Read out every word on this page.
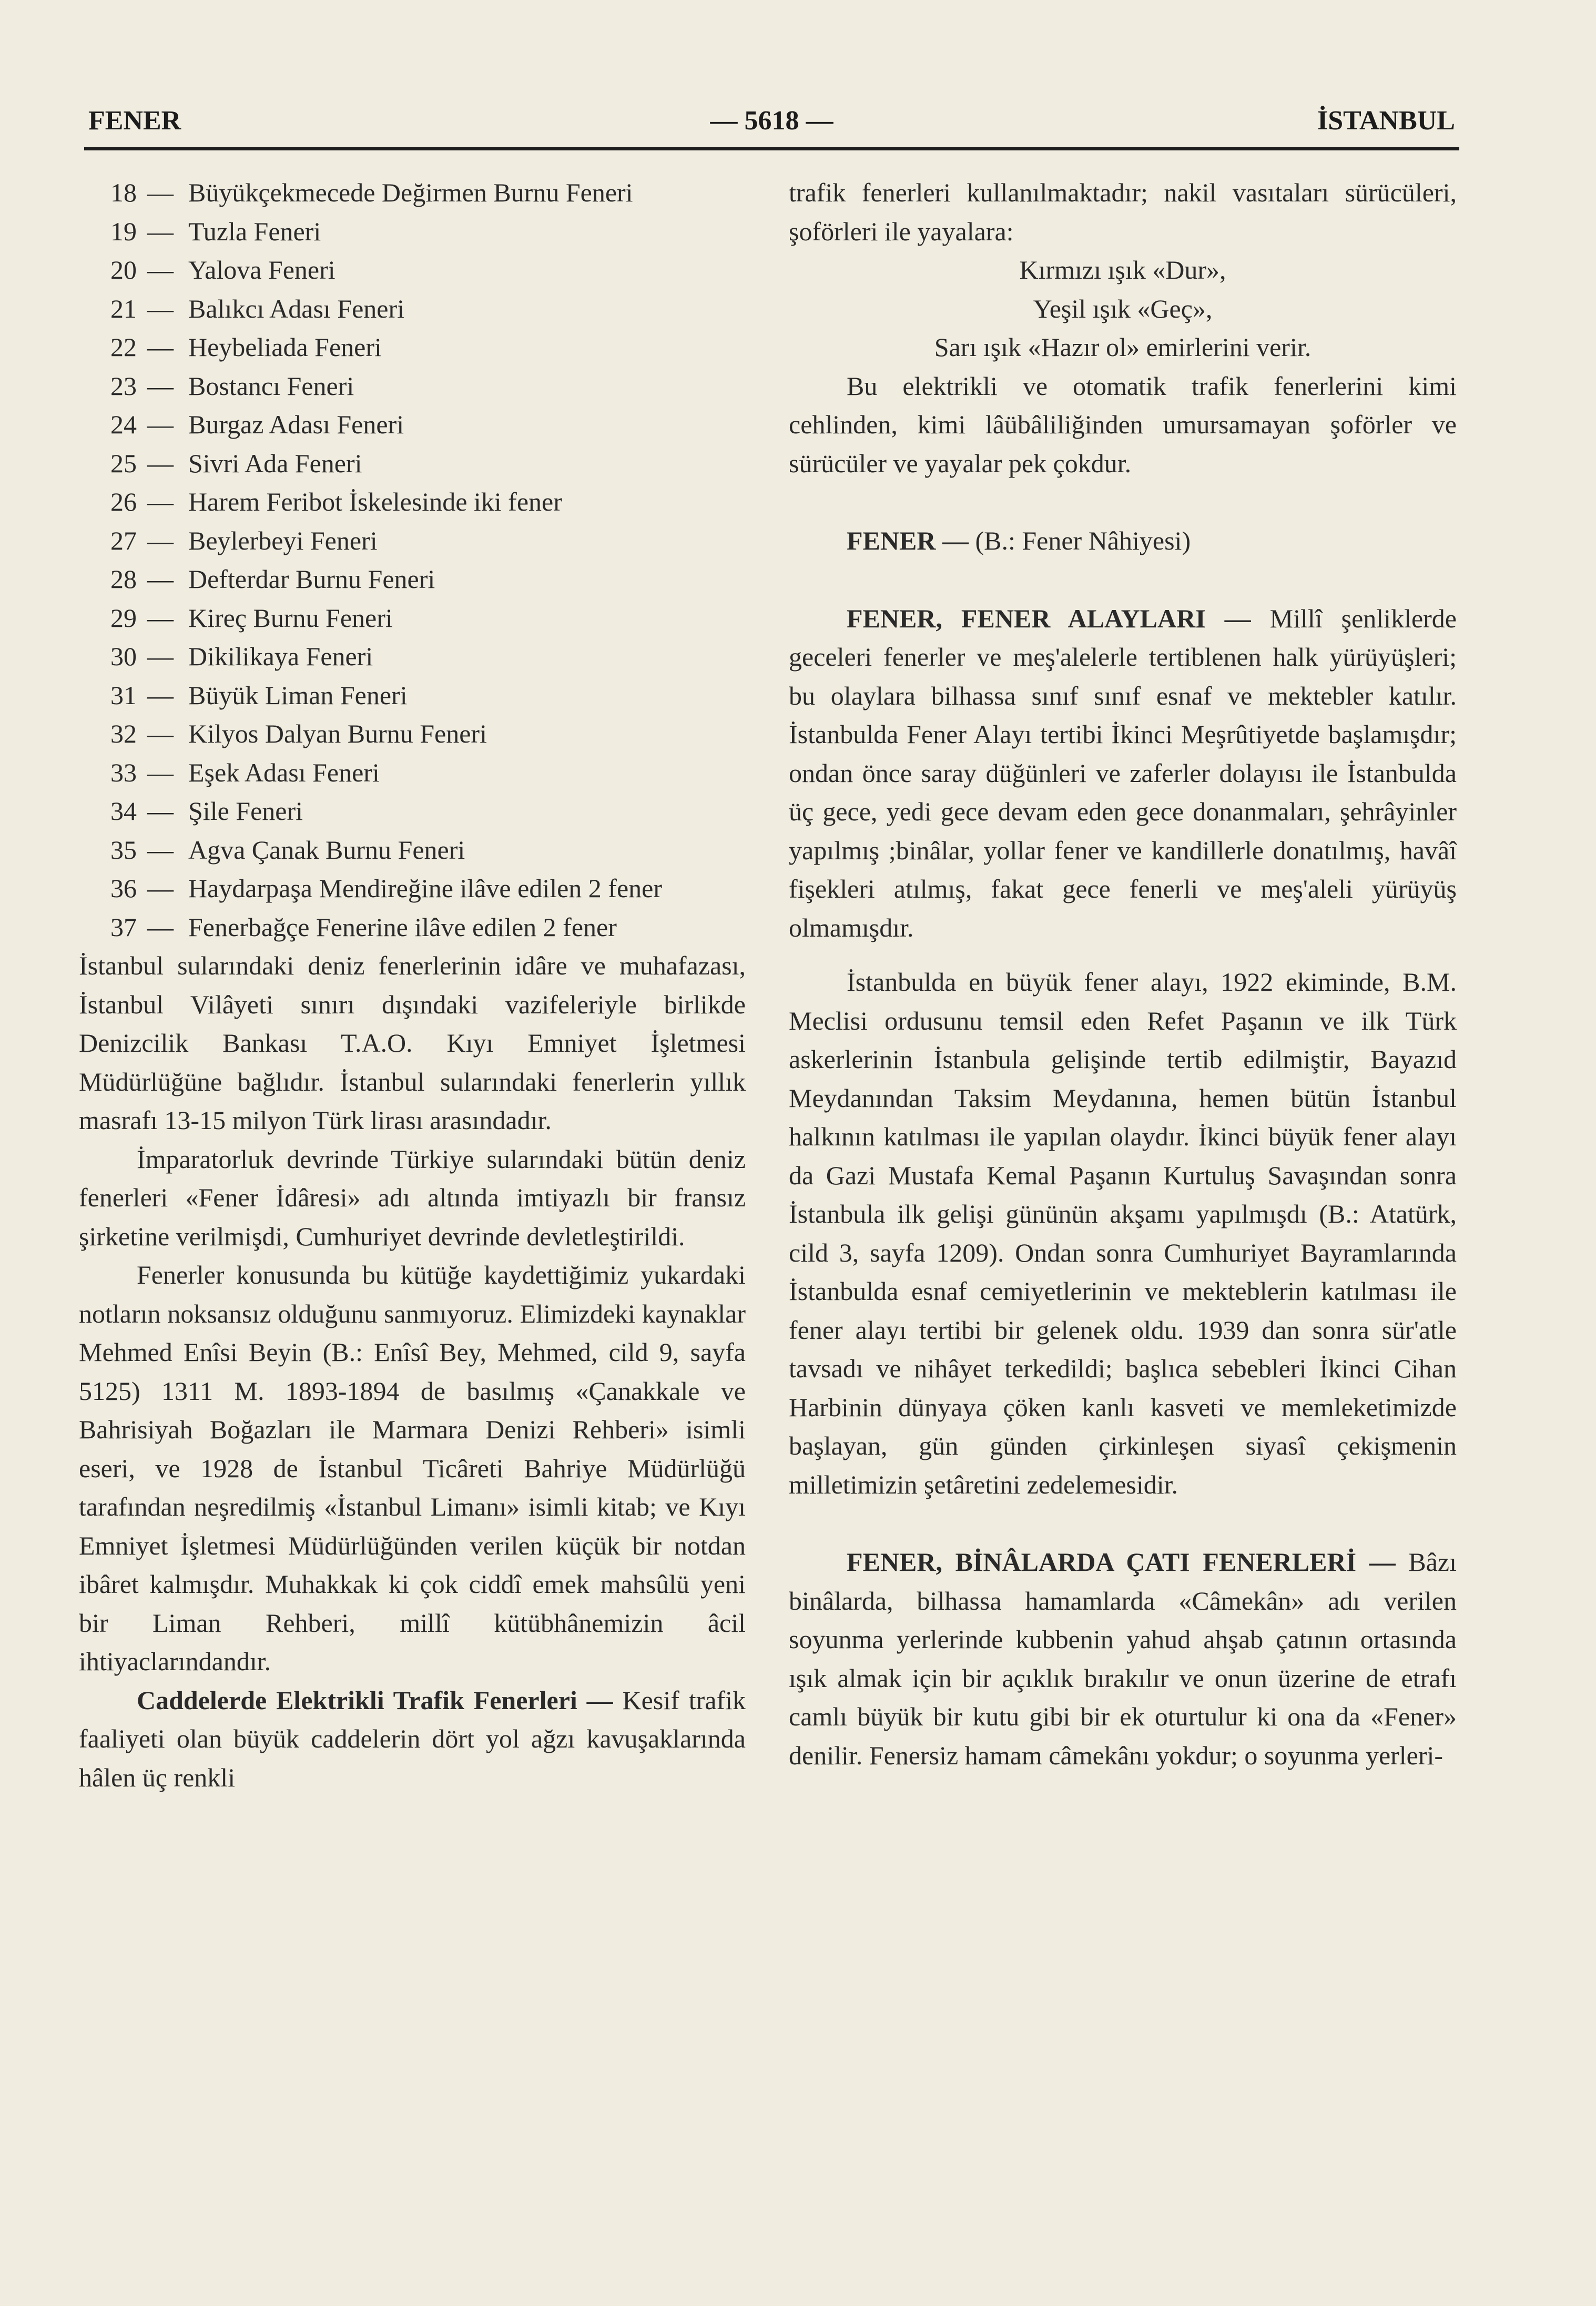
FENER	— 5618 —	İSTANBUL
18 — Büyükçekmecede Değirmen Burnu Feneri
19 — Tuzla Feneri
20 — Yalova Feneri
21 — Balıkcı Adası Feneri
22 — Heybeliada Feneri
23 — Bostancı Feneri
24 — Burgaz Adası Feneri
25 — Sivri Ada Feneri
26 — Harem Feribot İskelesinde iki fener
27 — Beylerbeyi Feneri
28 — Defterdar Burnu Feneri
29 — Kireç Burnu Feneri
30 — Dikilikaya Feneri
31 — Büyük Liman Feneri
32 — Kilyos Dalyan Burnu Feneri
33 — Eşek Adası Feneri
34 — Şile Feneri
35 — Agva Çanak Burnu Feneri
36 — Haydarpaşa Mendireğine ilâve edilen 2 fener
37 — Fenerbağçe Fenerine ilâve edilen 2 fener

İstanbul sularındaki deniz fenerlerinin idâre ve muhafazası, İstanbul Vilâyeti sınırı dışındaki vazifeleriyle birlikde Denizcilik Bankası T.A.O. Kıyı Emniyet İşletmesi Müdürlüğüne bağlıdır. İstanbul sularındaki fenerlerin yıllık masrafı 13-15 milyon Türk lirası arasındadır.

İmparatorluk devrinde Türkiye sularındaki bütün deniz fenerleri «Fener İdâresi» adı altında imtiyazlı bir fransız şirketine verilmişdi, Cumhuriyet devrinde devletleştirildi.

Fenerler konusunda bu kütüğe kaydettiğimiz yukardaki notların noksansız olduğunu sanmıyoruz. Elimizdeki kaynaklar Mehmed Enîsi Beyin (B.: Enîsî Bey, Mehmed, cild 9, sayfa 5125) 1311 M. 1893-1894 de basılmış «Çanakkale ve Bahrisiyah Boğazları ile Marmara Denizi Rehberi» isimli eseri, ve 1928 de İstanbul Ticâreti Bahriye Müdürlüğü tarafından neşredilmiş «İstanbul Limanı» isimli kitab; ve Kıyı Emniyet İşletmesi Müdürlüğünden verilen küçük bir notdan ibâret kalmışdır. Muhakkak ki çok ciddî emek mahsûlü yeni bir Liman Rehberi, millî kütübhânemizin âcil ihtiyaclarındandır.

Caddelerde Elektrikli Trafik Fenerleri — Kesif trafik faaliyeti olan büyük caddelerin dört yol ağzı kavuşaklarında hâlen üç renkli

trafik fenerleri kullanılmaktadır; nakil vasıtaları sürücüleri, şoförleri ile yayalara:

Kırmızı ışık «Dur»,

Yeşil ışık «Geç»,

Sarı ışık «Hazır ol» emirlerini verir.

Bu elektrikli ve otomatik trafik fenerlerini kimi cehlinden, kimi lâübâliliğinden umursamayan şoförler ve sürücüler ve yayalar pek çokdur.

FENER — (B.: Fener Nâhiyesi)

FENER, FENER ALAYLARI — Millî şenliklerde geceleri fenerler ve meş'alelerle tertiblenen halk yürüyüşleri; bu olaylara bilhassa sınıf sınıf esnaf ve mektebler katılır. İstanbulda Fener Alayı tertibi İkinci Meşrûtiyetde başlamışdır; ondan önce saray düğünleri ve zaferler dolayısı ile İstanbulda üç gece, yedi gece devam eden gece donanmaları, şehrâyinler yapılmış ;binâlar, yollar fener ve kandillerle donatılmış, havâî fişekleri atılmış, fakat gece fenerli ve meş'aleli yürüyüş olmamışdır.

İstanbulda en büyük fener alayı, 1922 ekiminde, B.M. Meclisi ordusunu temsil eden Refet Paşanın ve ilk Türk askerlerinin İstanbula gelişinde tertib edilmiştir, Bayazıd Meydanından Taksim Meydanına, hemen bütün İstanbul halkının katılması ile yapılan olaydır. İkinci büyük fener alayı da Gazi Mustafa Kemal Paşanın Kurtuluş Savaşından sonra İstanbula ilk gelişi gününün akşamı yapılmışdı (B.: Atatürk, cild 3, sayfa 1209). Ondan sonra Cumhuriyet Bayramlarında İstanbulda esnaf cemiyetlerinin ve mekteblerin katılması ile fener alayı tertibi bir gelenek oldu. 1939 dan sonra sür'atle tavsadı ve nihâyet terkedildi; başlıca sebebleri İkinci Cihan Harbinin dünyaya çöken kanlı kasveti ve memleketimizde başlayan, gün günden çirkinleşen siyasî çekişmenin milletimizin şetâretini zedelemesidir.

FENER, BİNÂLARDA ÇATI FENERLERİ — Bâzı binâlarda, bilhassa hamamlarda «Câmekân» adı verilen soyunma yerlerinde kubbenin yahud ahşab çatının ortasında ışık almak için bir açıklık bırakılır ve onun üzerine de etrafı camlı büyük bir kutu gibi bir ek oturtulur ki ona da «Fener» denilir. Fenersiz hamam câmekânı yokdur; o soyunma yerleri-
